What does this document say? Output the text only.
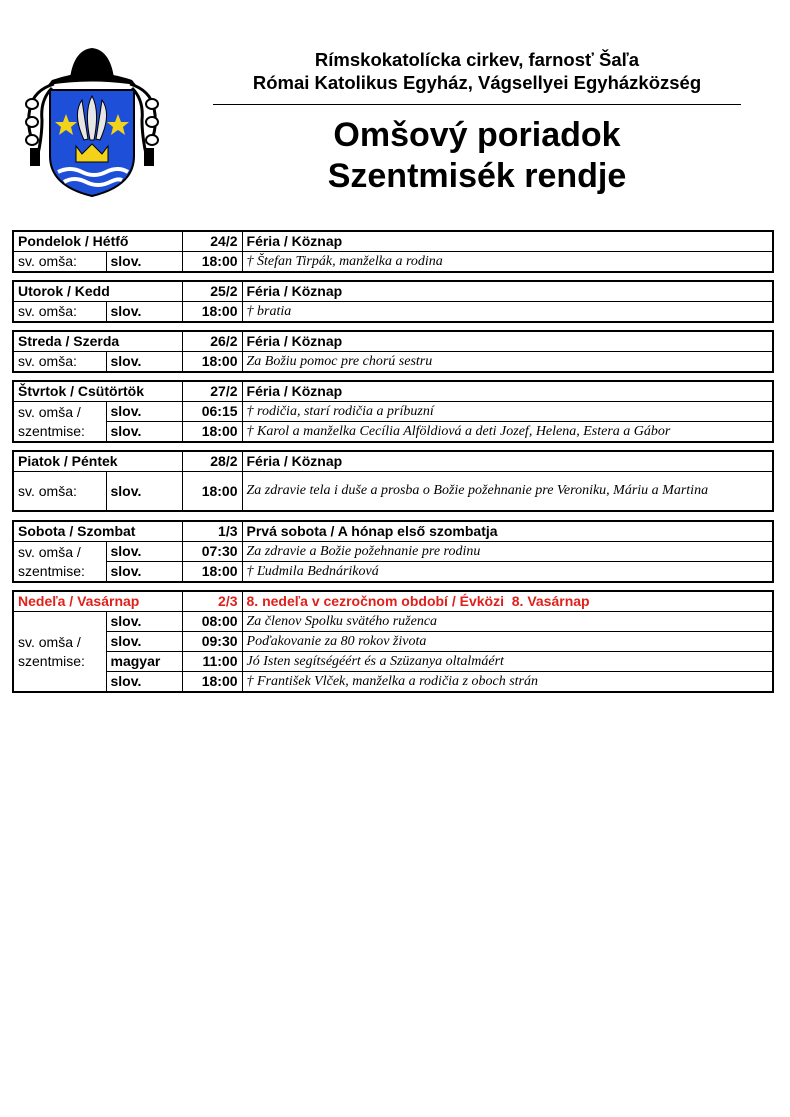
Rímskokatolícka cirkev, farnosť Šaľa
Római Katolikus Egyház, Vágsellyei Egyházközség
Omšový poriadok
Szentmisék rendje
Pondelok / Hétfő		24/2	Féria / Köznap
sv. omša:	slov.	18:00	† Štefan Tirpák, manželka a rodina
Utorok / Kedd		25/2	Féria / Köznap
sv. omša:	slov.	18:00	† bratia
Streda / Szerda		26/2	Féria / Köznap
sv. omša:	slov.	18:00	Za Božiu pomoc pre chorú sestru
Štvrtok / Csütörtök		27/2	Féria / Köznap
sv. omša / szentmise:	slov.	06:15	† rodičia, starí rodičia a príbuzní
	slov.	18:00	† Karol a manželka Cecília Alföldiová a deti Jozef, Helena, Estera a Gábor
Piatok / Péntek		28/2	Féria / Köznap
sv. omša:	slov.	18:00	Za zdravie tela i duše a prosba o Božie požehnanie pre Veroniku, Máriu a Martina
Sobota / Szombat		1/3	Prvá sobota / A hónap első szombatja
sv. omša / szentmise:	slov.	07:30	Za zdravie a Božie požehnanie pre rodinu
	slov.	18:00	† Ľudmila Bednáriková
Nedeľa / Vasárnap		2/3	8. nedeľa v cezročnom období / Évközi  8. Vasárnap
sv. omša / szentmise:	slov.	08:00	Za členov Spolku svätého ruženca
	slov.	09:30	Poďakovanie za 80 rokov života
	magyar	11:00	Jó Isten segítségéért és a Szüzanya oltalmáért
	slov.	18:00	† František Vlček, manželka a rodičia z oboch strán
